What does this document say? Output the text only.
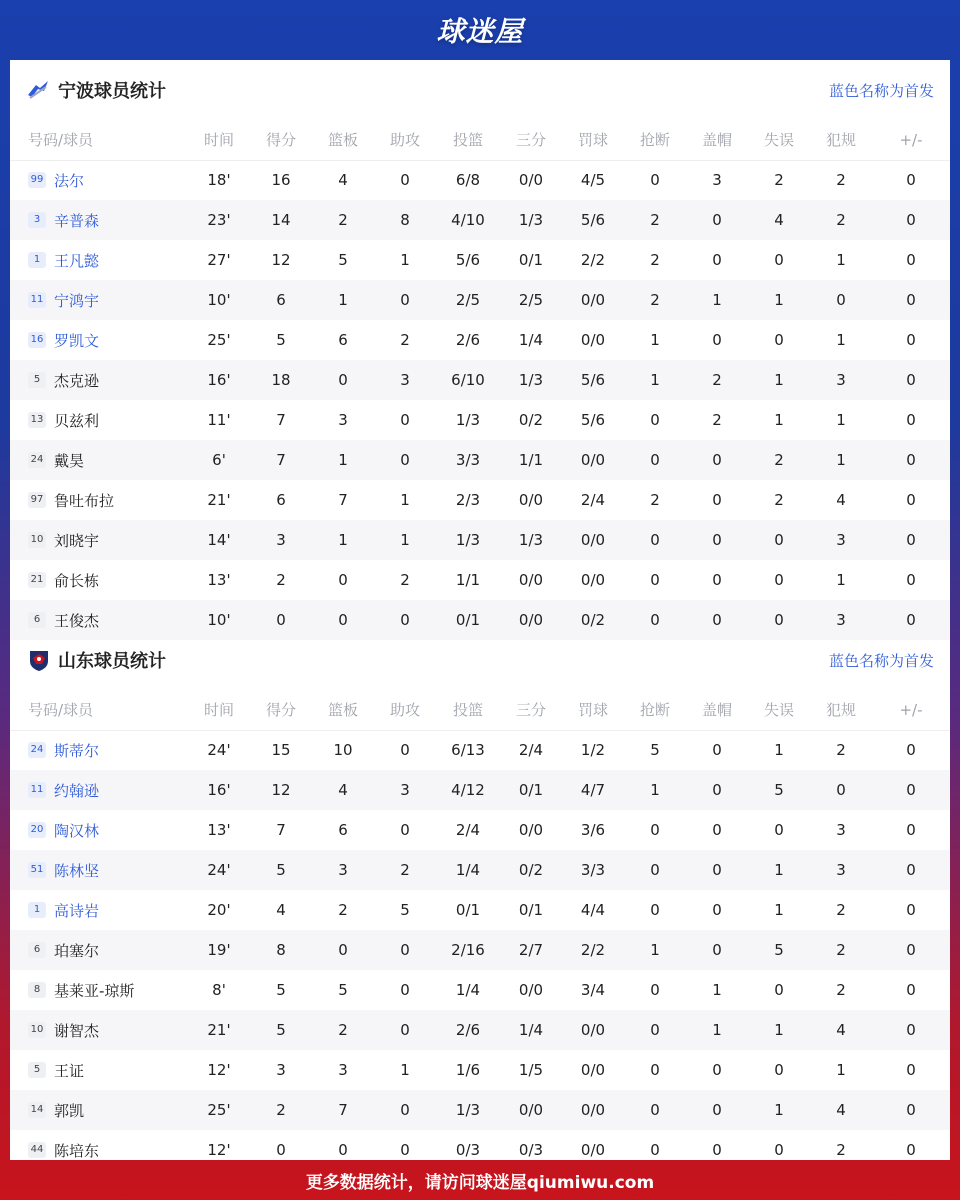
球迷屋
宁波球员统计	蓝色名称为首发
号码/球员	时间	得分	篮板	助攻	投篮	三分	罚球	抢断	盖帽	失误	犯规	+/-
99 法尔	18'	16	4	0	6/8	0/0	4/5	0	3	2	2	0
3 辛普森	23'	14	2	8	4/10	1/3	5/6	2	0	4	2	0
1 王凡懿	27'	12	5	1	5/6	0/1	2/2	2	0	0	1	0
11 宁鸿宇	10'	6	1	0	2/5	2/5	0/0	2	1	1	0	0
16 罗凯文	25'	5	6	2	2/6	1/4	0/0	1	0	0	1	0
5 杰克逊	16'	18	0	3	6/10	1/3	5/6	1	2	1	3	0
13 贝兹利	11'	7	3	0	1/3	0/2	5/6	0	2	1	1	0
24 戴昊	6'	7	1	0	3/3	1/1	0/0	0	0	2	1	0
97 鲁吐布拉	21'	6	7	1	2/3	0/0	2/4	2	0	2	4	0
10 刘晓宇	14'	3	1	1	1/3	1/3	0/0	0	0	0	3	0
21 俞长栋	13'	2	0	2	1/1	0/0	0/0	0	0	0	1	0
6 王俊杰	10'	0	0	0	0/1	0/0	0/2	0	0	0	3	0
山东球员统计	蓝色名称为首发
号码/球员	时间	得分	篮板	助攻	投篮	三分	罚球	抢断	盖帽	失误	犯规	+/-
24 斯蒂尔	24'	15	10	0	6/13	2/4	1/2	5	0	1	2	0
11 约翰逊	16'	12	4	3	4/12	0/1	4/7	1	0	5	0	0
20 陶汉林	13'	7	6	0	2/4	0/0	3/6	0	0	0	3	0
51 陈林坚	24'	5	3	2	1/4	0/2	3/3	0	0	1	3	0
1 高诗岩	20'	4	2	5	0/1	0/1	4/4	0	0	1	2	0
6 珀塞尔	19'	8	0	0	2/16	2/7	2/2	1	0	5	2	0
8 基莱亚-琼斯	8'	5	5	0	1/4	0/0	3/4	0	1	0	2	0
10 谢智杰	21'	5	2	0	2/6	1/4	0/0	0	1	1	4	0
5 王证	12'	3	3	1	1/6	1/5	0/0	0	0	0	1	0
14 郭凯	25'	2	7	0	1/3	0/0	0/0	0	0	1	4	0
44 陈培东	12'	0	0	0	0/3	0/3	0/0	0	0	0	2	0
更多数据统计，请访问球迷屋qiumiwu.com
